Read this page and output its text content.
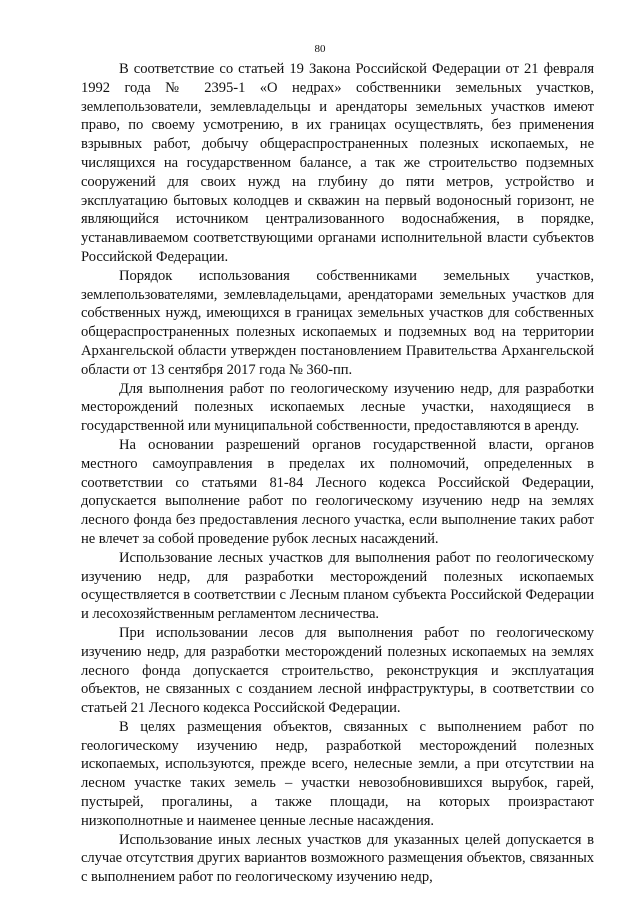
80

В соответствие со статьей 19 Закона Российской Федерации от 21 февраля 1992 года № 2395-1 «О недрах» собственники земельных участков, землепользователи, землевладельцы и арендаторы земельных участков имеют право, по своему усмотрению, в их границах осуществлять, без применения взрывных работ, добычу общераспространенных полезных ископаемых, не числящихся на государственном балансе, а так же строительство подземных сооружений для своих нужд на глубину до пяти метров, устройство и эксплуатацию бытовых колодцев и скважин на первый водоносный горизонт, не являющийся источником централизованного водоснабжения, в порядке, устанавливаемом соответствующими органами исполнительной власти субъектов Российской Федерации.

Порядок использования собственниками земельных участков, землепользователями, землевладельцами, арендаторами земельных участков для собственных нужд, имеющихся в границах земельных участков для собственных общераспространенных полезных ископаемых и подземных вод на территории Архангельской области утвержден постановлением Правительства Архангельской области от 13 сентября 2017 года № 360-пп.

Для выполнения работ по геологическому изучению недр, для разработки месторождений полезных ископаемых лесные участки, находящиеся в государственной или муниципальной собственности, предоставляются в аренду.

На основании разрешений органов государственной власти, органов местного самоуправления в пределах их полномочий, определенных в соответствии со статьями 81-84 Лесного кодекса Российской Федерации, допускается выполнение работ по геологическому изучению недр на землях лесного фонда без предоставления лесного участка, если выполнение таких работ не влечет за собой проведение рубок лесных насаждений.

Использование лесных участков для выполнения работ по геологическому изучению недр, для разработки месторождений полезных ископаемых осуществляется в соответствии с Лесным планом субъекта Российской Федерации и лесохозяйственным регламентом лесничества.

При использовании лесов для выполнения работ по геологическому изучению недр, для разработки месторождений полезных ископаемых на землях лесного фонда допускается строительство, реконструкция и эксплуатация объектов, не связанных с созданием лесной инфраструктуры, в соответствии со статьей 21 Лесного кодекса Российской Федерации.

В целях размещения объектов, связанных с выполнением работ по геологическому изучению недр, разработкой месторождений полезных ископаемых, используются, прежде всего, нелесные земли, а при отсутствии на лесном участке таких земель – участки невозобновившихся вырубок, гарей, пустырей, прогалины, а также площади, на которых произрастают низкополнотные и наименее ценные лесные насаждения.

Использование иных лесных участков для указанных целей допускается в случае отсутствия других вариантов возможного размещения объектов, связанных с выполнением работ по геологическому изучению недр,
